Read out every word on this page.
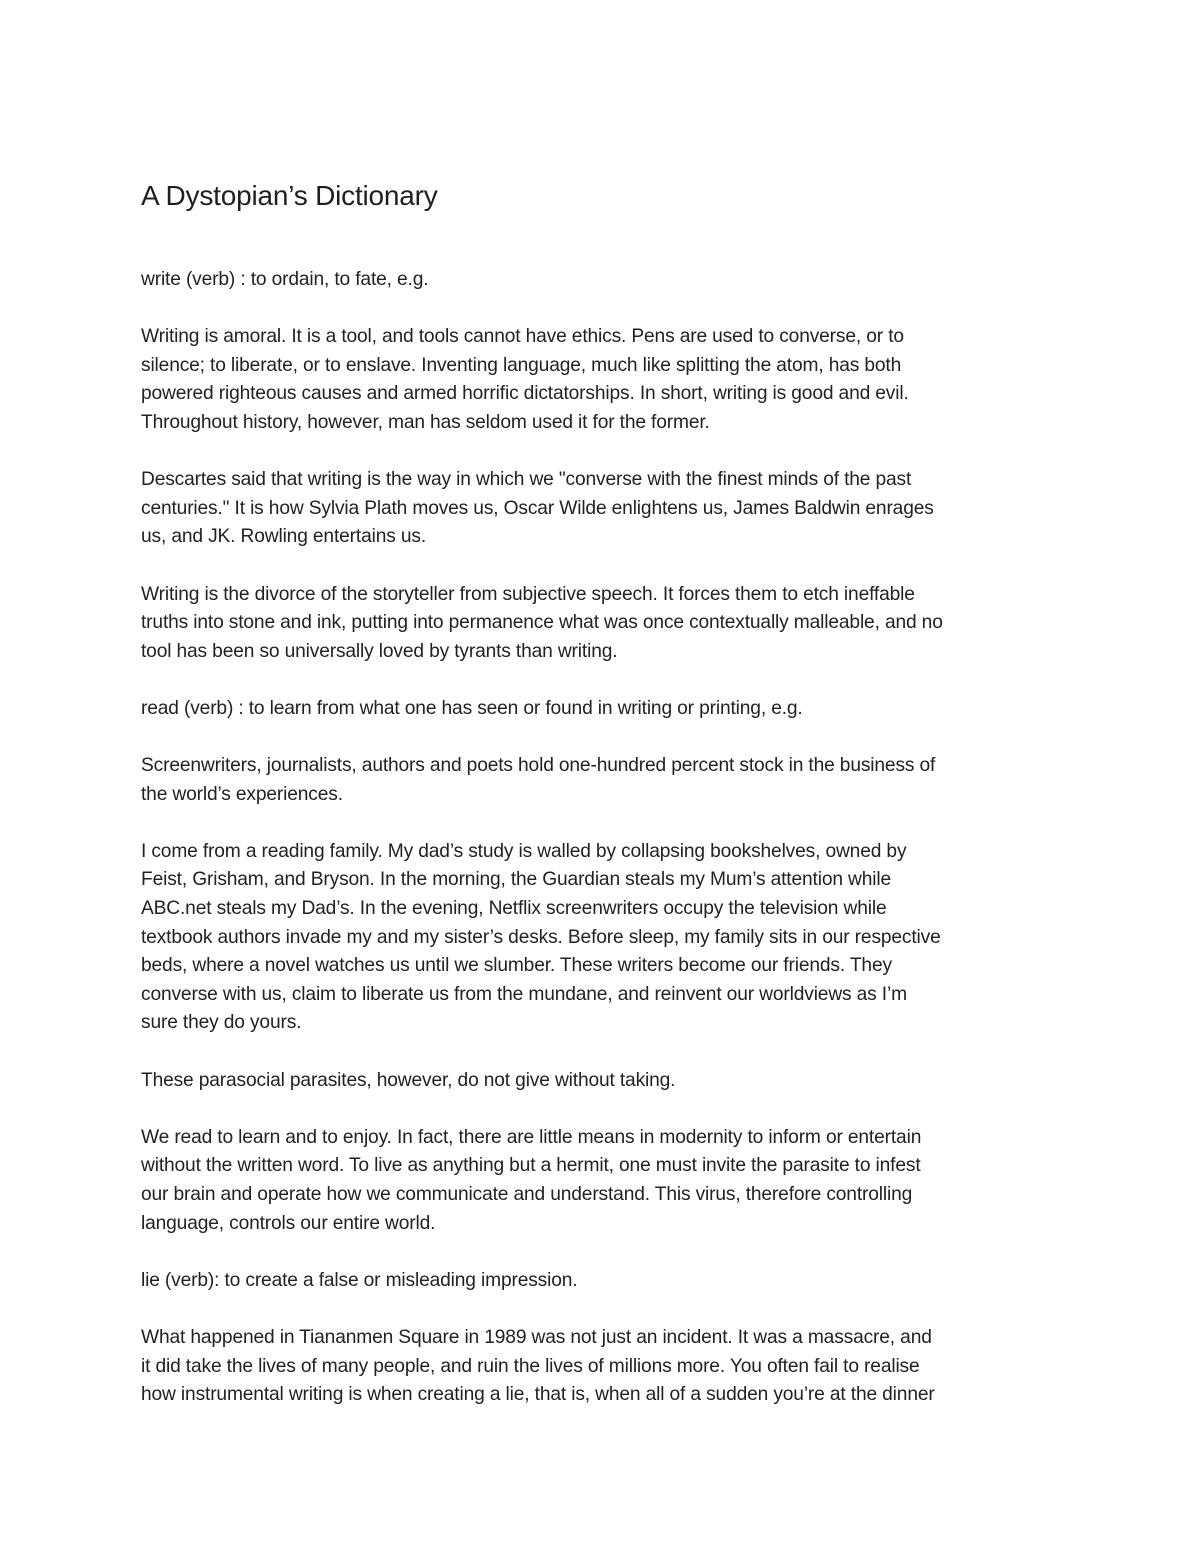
A Dystopian’s Dictionary

write (verb) : to ordain, to fate, e.g.

Writing is amoral. It is a tool, and tools cannot have ethics. Pens are used to converse, or to
silence; to liberate, or to enslave. Inventing language, much like splitting the atom, has both
powered righteous causes and armed horrific dictatorships. In short, writing is good and evil.
Throughout history, however, man has seldom used it for the former.

Descartes said that writing is the way in which we "converse with the finest minds of the past
centuries." It is how Sylvia Plath moves us, Oscar Wilde enlightens us, James Baldwin enrages
us, and JK. Rowling entertains us.

Writing is the divorce of the storyteller from subjective speech. It forces them to etch ineffable
truths into stone and ink, putting into permanence what was once contextually malleable, and no
tool has been so universally loved by tyrants than writing.

read (verb) : to learn from what one has seen or found in writing or printing, e.g.

Screenwriters, journalists, authors and poets hold one-hundred percent stock in the business of
the world’s experiences.

I come from a reading family. My dad’s study is walled by collapsing bookshelves, owned by
Feist, Grisham, and Bryson. In the morning, the Guardian steals my Mum’s attention while
ABC.net steals my Dad’s. In the evening, Netflix screenwriters occupy the television while
textbook authors invade my and my sister’s desks. Before sleep, my family sits in our respective
beds, where a novel watches us until we slumber. These writers become our friends. They
converse with us, claim to liberate us from the mundane, and reinvent our worldviews as I’m
sure they do yours.

These parasocial parasites, however, do not give without taking.

We read to learn and to enjoy. In fact, there are little means in modernity to inform or entertain
without the written word. To live as anything but a hermit, one must invite the parasite to infest
our brain and operate how we communicate and understand. This virus, therefore controlling
language, controls our entire world.

lie (verb): to create a false or misleading impression.

What happened in Tiananmen Square in 1989 was not just an incident. It was a massacre, and
it did take the lives of many people, and ruin the lives of millions more. You often fail to realise
how instrumental writing is when creating a lie, that is, when all of a sudden you’re at the dinner
